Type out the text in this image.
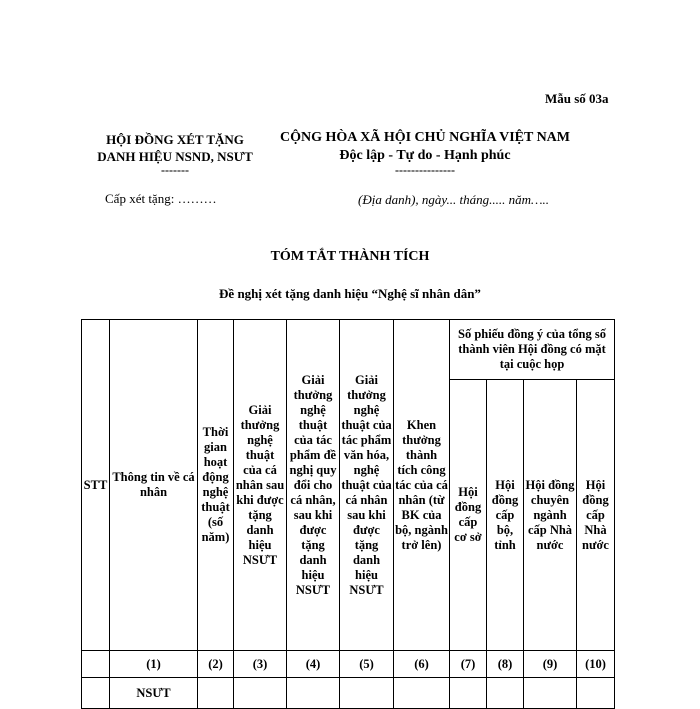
Mẫu số 03a
HỘI ĐỒNG XÉT TẶNG
DANH HIỆU NSND, NSƯT
-------
CỘNG HÒA XÃ HỘI CHỦ NGHĨA VIỆT NAM
Độc lập - Tự do - Hạnh phúc
---------------
Cấp xét tặng: ………	(Địa danh), ngày... tháng..... năm…..
TÓM TẮT THÀNH TÍCH
Đề nghị xét tặng danh hiệu “Nghệ sĩ nhân dân”
STT	Thông tin về cá nhân	Thời gian hoạt động nghệ thuật (số năm)	Giải thưởng nghệ thuật của cá nhân sau khi được tặng danh hiệu NSƯT	Giải thưởng nghệ thuật của tác phẩm đề nghị quy đổi cho cá nhân, sau khi được tặng danh hiệu NSƯT	Giải thưởng nghệ thuật của tác phẩm văn hóa, nghệ thuật của cá nhân sau khi được tặng danh hiệu NSƯT	Khen thưởng thành tích công tác của cá nhân (từ BK của bộ, ngành trở lên)	Số phiếu đồng ý của tổng số thành viên Hội đồng có mặt tại cuộc họp			
							Hội đồng cấp cơ sở	Hội đồng cấp bộ, tỉnh	Hội đồng chuyên ngành cấp Nhà nước	Hội đồng cấp Nhà nước
	(1)	(2)	(3)	(4)	(5)	(6)	(7)	(8)	(9)	(10)
	NSƯT									
